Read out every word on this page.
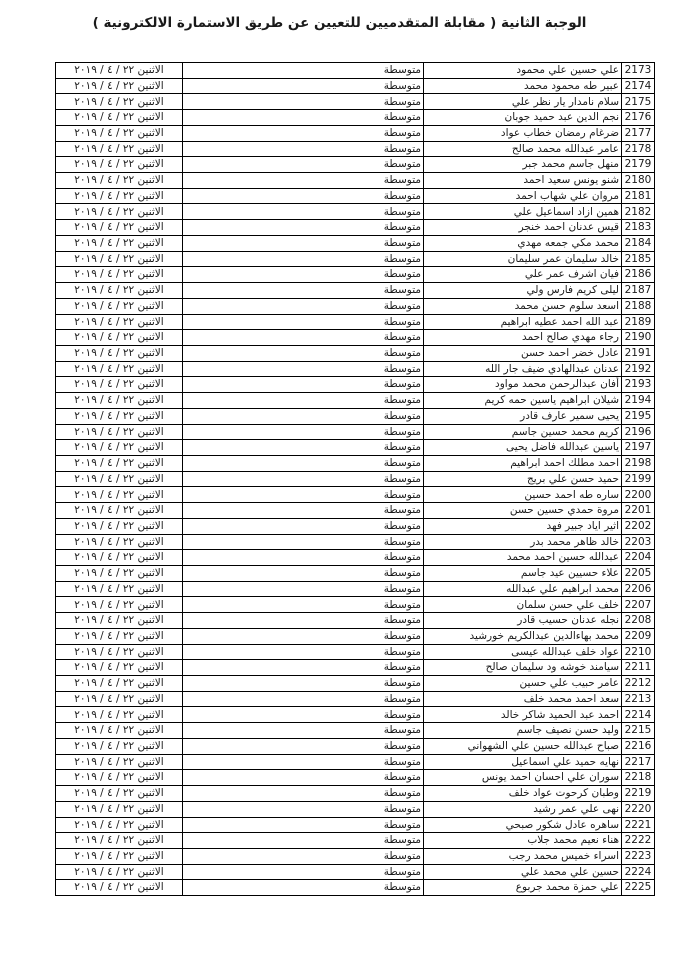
الوجبة الثانية ( مقابلة المتقدميين للتعيين عن طريق الاستمارة الالكترونية )
2173	علي حسين علي محمود	متوسطة	الاثنين ٢٢ / ٤ / ٢٠١٩
2174	عبير طه محمود محمد	متوسطة	الاثنين ٢٢ / ٤ / ٢٠١٩
2175	سلام نامدار يار نظر علي	متوسطة	الاثنين ٢٢ / ٤ / ٢٠١٩
2176	نجم الدين عبد حميد جوبان	متوسطة	الاثنين ٢٢ / ٤ / ٢٠١٩
2177	ضرغام رمضان خطاب عواد	متوسطة	الاثنين ٢٢ / ٤ / ٢٠١٩
2178	عامر عبدالله محمد صالح	متوسطة	الاثنين ٢٢ / ٤ / ٢٠١٩
2179	منهل جاسم محمد جبر	متوسطة	الاثنين ٢٢ / ٤ / ٢٠١٩
2180	شنو يونس سعيد احمد	متوسطة	الاثنين ٢٢ / ٤ / ٢٠١٩
2181	مروان علي شهاب احمد	متوسطة	الاثنين ٢٢ / ٤ / ٢٠١٩
2182	همين ازاد اسماعيل علي	متوسطة	الاثنين ٢٢ / ٤ / ٢٠١٩
2183	قيس عدنان احمد خنجر	متوسطة	الاثنين ٢٢ / ٤ / ٢٠١٩
2184	محمد مكي جمعه مهدي	متوسطة	الاثنين ٢٢ / ٤ / ٢٠١٩
2185	خالد سليمان عمر سليمان	متوسطة	الاثنين ٢٢ / ٤ / ٢٠١٩
2186	فيان اشرف عمر علي	متوسطة	الاثنين ٢٢ / ٤ / ٢٠١٩
2187	ليلى كريم فارس ولي	متوسطة	الاثنين ٢٢ / ٤ / ٢٠١٩
2188	اسعد سلوم حسن محمد	متوسطة	الاثنين ٢٢ / ٤ / ٢٠١٩
2189	عبد الله احمد عطيه ابراهيم	متوسطة	الاثنين ٢٢ / ٤ / ٢٠١٩
2190	رجاء مهدي صالح احمد	متوسطة	الاثنين ٢٢ / ٤ / ٢٠١٩
2191	عادل خضر احمد حسن	متوسطة	الاثنين ٢٢ / ٤ / ٢٠١٩
2192	عدنان عبدالهادي ضيف جار الله	متوسطة	الاثنين ٢٢ / ٤ / ٢٠١٩
2193	أفان عبدالرحمن محمد مواود	متوسطة	الاثنين ٢٢ / ٤ / ٢٠١٩
2194	شيلان ابراهيم ياسين حمه كريم	متوسطة	الاثنين ٢٢ / ٤ / ٢٠١٩
2195	يحيى سمير عارف قادر	متوسطة	الاثنين ٢٢ / ٤ / ٢٠١٩
2196	كريم محمد حسين جاسم	متوسطة	الاثنين ٢٢ / ٤ / ٢٠١٩
2197	ياسين عبدالله فاضل يحيى	متوسطة	الاثنين ٢٢ / ٤ / ٢٠١٩
2198	احمد مطلك احمد ابراهيم	متوسطة	الاثنين ٢٢ / ٤ / ٢٠١٩
2199	حميد حسن علي بريج	متوسطة	الاثنين ٢٢ / ٤ / ٢٠١٩
2200	ساره طه احمد حسين	متوسطة	الاثنين ٢٢ / ٤ / ٢٠١٩
2201	مروة حمدي حسين حسن	متوسطة	الاثنين ٢٢ / ٤ / ٢٠١٩
2202	اثير اياد جبير فهد	متوسطة	الاثنين ٢٢ / ٤ / ٢٠١٩
2203	خالد ظاهر محمد بدر	متوسطة	الاثنين ٢٢ / ٤ / ٢٠١٩
2204	عبدالله حسين احمد محمد	متوسطة	الاثنين ٢٢ / ٤ / ٢٠١٩
2205	علاء حسيين عيد جاسم	متوسطة	الاثنين ٢٢ / ٤ / ٢٠١٩
2206	محمد ابراهيم علي عبدالله	متوسطة	الاثنين ٢٢ / ٤ / ٢٠١٩
2207	خلف علي حسن سلمان	متوسطة	الاثنين ٢٢ / ٤ / ٢٠١٩
2208	نجله عدنان حسيب قادر	متوسطة	الاثنين ٢٢ / ٤ / ٢٠١٩
2209	محمد بهاءالدين عبدالكريم خورشيد	متوسطة	الاثنين ٢٢ / ٤ / ٢٠١٩
2210	عواد خلف عبدالله عيسى	متوسطة	الاثنين ٢٢ / ٤ / ٢٠١٩
2211	سيامند خوشه ود سليمان صالح	متوسطة	الاثنين ٢٢ / ٤ / ٢٠١٩
2212	عامر حبيب علي حسين	متوسطة	الاثنين ٢٢ / ٤ / ٢٠١٩
2213	سعد احمد محمد خلف	متوسطة	الاثنين ٢٢ / ٤ / ٢٠١٩
2214	احمد عبد الحميد شاكر خالد	متوسطة	الاثنين ٢٢ / ٤ / ٢٠١٩
2215	وليد حسن نصيف جاسم	متوسطة	الاثنين ٢٢ / ٤ / ٢٠١٩
2216	صباح عبدالله حسين علي الشهواني	متوسطة	الاثنين ٢٢ / ٤ / ٢٠١٩
2217	نهايه حميد علي اسماعيل	متوسطة	الاثنين ٢٢ / ٤ / ٢٠١٩
2218	سوران علي احسان احمد يونس	متوسطة	الاثنين ٢٢ / ٤ / ٢٠١٩
2219	وطبان كرحوت عواد خلف	متوسطة	الاثنين ٢٢ / ٤ / ٢٠١٩
2220	نهى علي عمر رشيد	متوسطة	الاثنين ٢٢ / ٤ / ٢٠١٩
2221	ساهره عادل شكور صبحي	متوسطة	الاثنين ٢٢ / ٤ / ٢٠١٩
2222	هناء نعيم محمد جلاب	متوسطة	الاثنين ٢٢ / ٤ / ٢٠١٩
2223	اسراء خميس محمد رجب	متوسطة	الاثنين ٢٢ / ٤ / ٢٠١٩
2224	حسين علي محمد علي	متوسطة	الاثنين ٢٢ / ٤ / ٢٠١٩
2225	علي حمزة محمد جربوع	متوسطة	الاثنين ٢٢ / ٤ / ٢٠١٩
